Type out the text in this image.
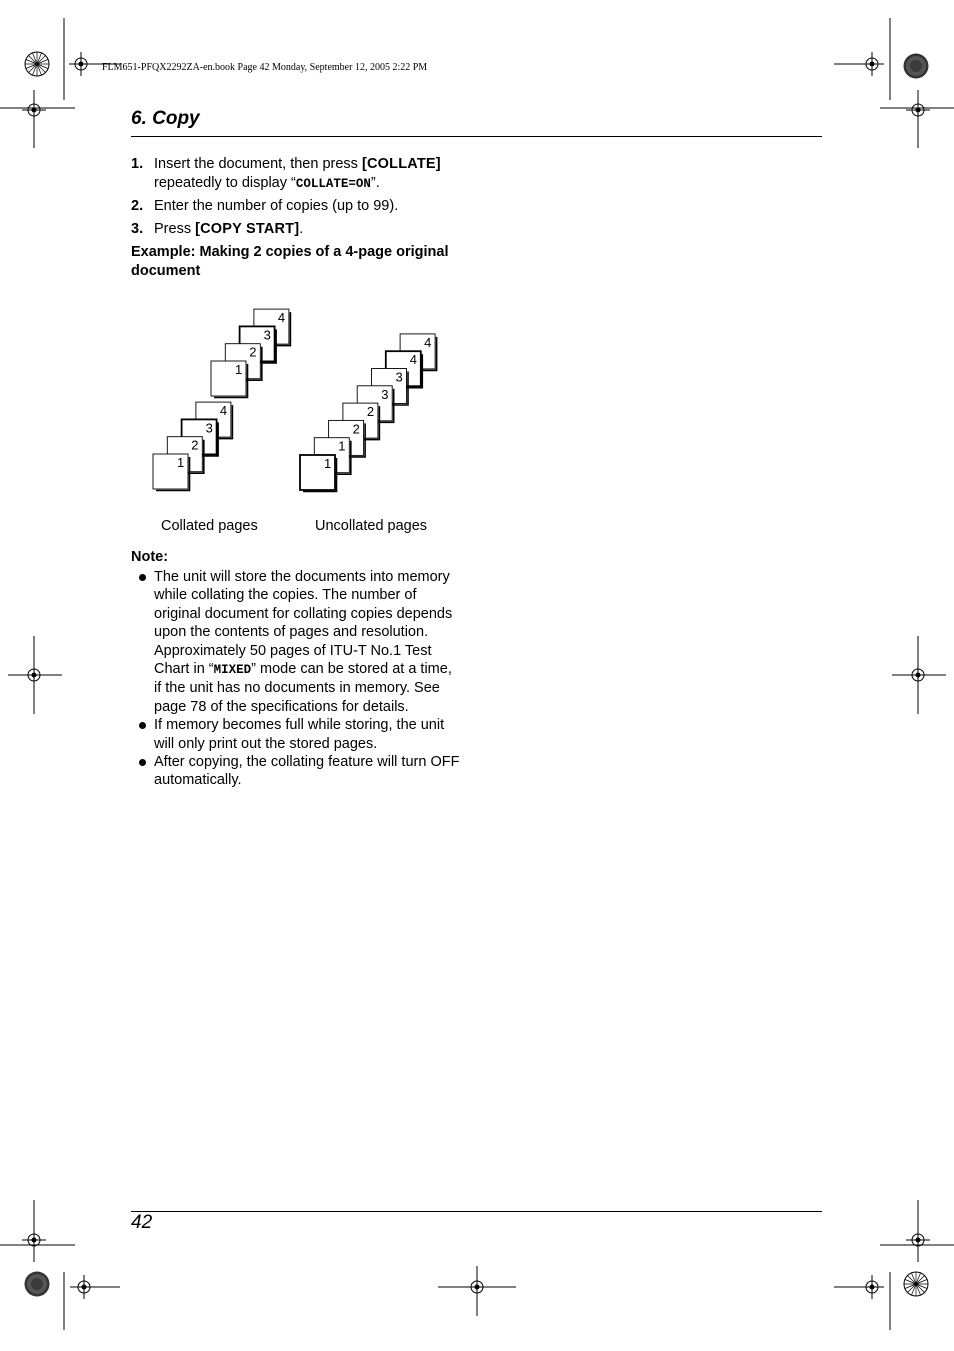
FLM651-PFQX2292ZA-en.book Page 42 Monday, September 12, 2005 2:22 PM
6. Copy
1. Insert the document, then press [COLLATE]
repeatedly to display “COLLATE=ON”.
2. Enter the number of copies (up to 99).
3. Press [COPY START].
Example: Making 2 copies of a 4-page original document
4
3
2
1
4
3
2
1
4
4
3
3
2
2
1
1
Collated pages	Uncollated pages
Note:
The unit will store the documents into memory while collating the copies. The number of original document for collating copies depends upon the contents of pages and resolution. Approximately 50 pages of ITU-T No.1 Test Chart in “MIXED” mode can be stored at a time, if the unit has no documents in memory. See page 78 of the specifications for details.
If memory becomes full while storing, the unit will only print out the stored pages.
After copying, the collating feature will turn OFF automatically.
42
